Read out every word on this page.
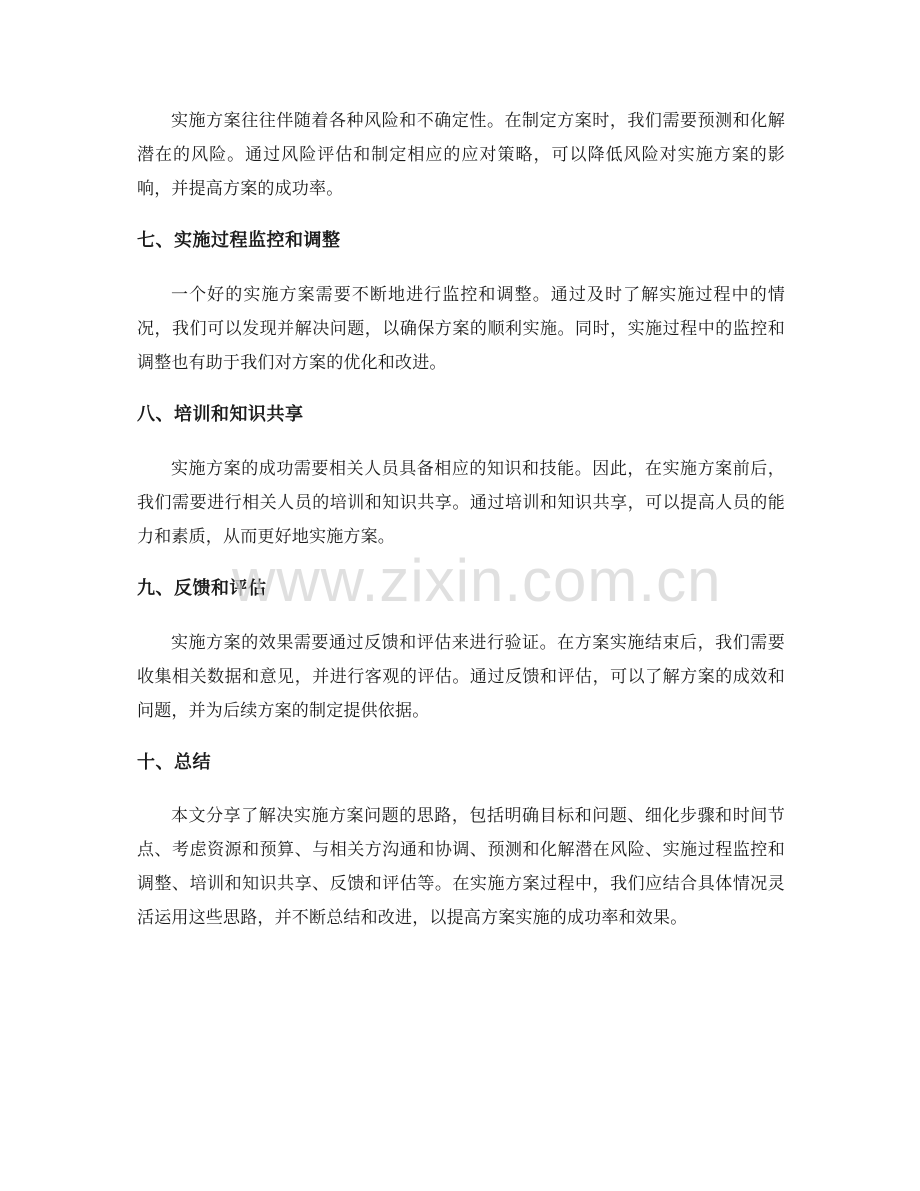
实施方案往往伴随着各种风险和不确定性。在制定方案时，我们需要预测和化解潜在的风险。通过风险评估和制定相应的应对策略，可以降低风险对实施方案的影响，并提高方案的成功率。

七、实施过程监控和调整

一个好的实施方案需要不断地进行监控和调整。通过及时了解实施过程中的情况，我们可以发现并解决问题，以确保方案的顺利实施。同时，实施过程中的监控和调整也有助于我们对方案的优化和改进。

八、培训和知识共享

实施方案的成功需要相关人员具备相应的知识和技能。因此，在实施方案前后，我们需要进行相关人员的培训和知识共享。通过培训和知识共享，可以提高人员的能力和素质，从而更好地实施方案。

九、反馈和评估

实施方案的效果需要通过反馈和评估来进行验证。在方案实施结束后，我们需要收集相关数据和意见，并进行客观的评估。通过反馈和评估，可以了解方案的成效和问题，并为后续方案的制定提供依据。

十、总结

本文分享了解决实施方案问题的思路，包括明确目标和问题、细化步骤和时间节点、考虑资源和预算、与相关方沟通和协调、预测和化解潜在风险、实施过程监控和调整、培训和知识共享、反馈和评估等。在实施方案过程中，我们应结合具体情况灵活运用这些思路，并不断总结和改进，以提高方案实施的成功率和效果。

www.zixin.com.cn
